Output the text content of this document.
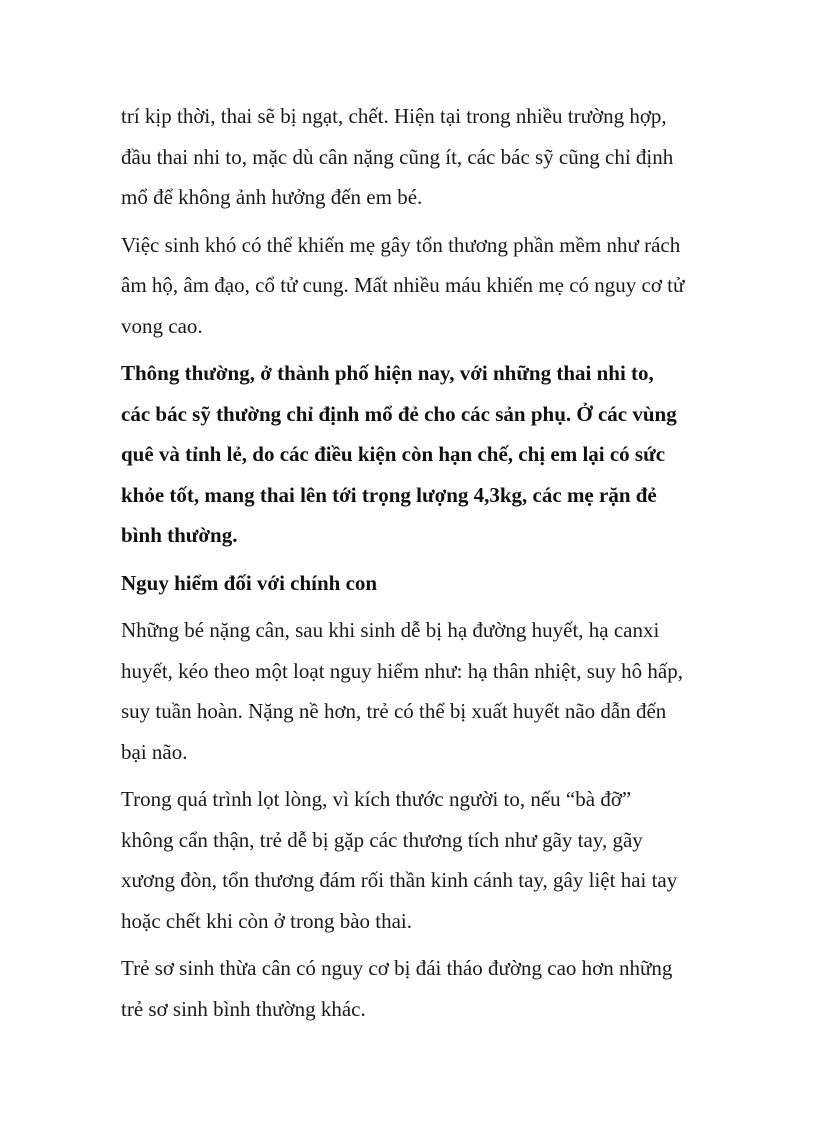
trí kịp thời, thai sẽ bị ngạt, chết. Hiện tại trong nhiều trường hợp,
đầu thai nhi to, mặc dù cân nặng cũng ít, các bác sỹ cũng chỉ định
mổ để không ảnh hưởng đến em bé.

Việc sinh khó có thể khiến mẹ gây tổn thương phần mềm như rách
âm hộ, âm đạo, cổ tử cung. Mất nhiều máu khiến mẹ có nguy cơ tử
vong cao.

Thông thường, ở thành phố hiện nay, với những thai nhi to,
các bác sỹ thường chỉ định mổ đẻ cho các sản phụ. Ở các vùng
quê và tỉnh lẻ, do các điều kiện còn hạn chế, chị em lại có sức
khỏe tốt, mang thai lên tới trọng lượng 4,3kg, các mẹ rặn đẻ
bình thường.

Nguy hiểm đối với chính con

Những bé nặng cân, sau khi sinh dễ bị hạ đường huyết, hạ canxi
huyết, kéo theo một loạt nguy hiểm như: hạ thân nhiệt, suy hô hấp,
suy tuần hoàn. Nặng nề hơn, trẻ có thể bị xuất huyết não dẫn đến
bại não.

Trong quá trình lọt lòng, vì kích thước người to, nếu “bà đỡ”
không cẩn thận, trẻ dễ bị gặp các thương tích như gãy tay, gãy
xương đòn, tổn thương đám rối thần kinh cánh tay, gây liệt hai tay
hoặc chết khi còn ở trong bào thai.

Trẻ sơ sinh thừa cân có nguy cơ bị đái tháo đường cao hơn những
trẻ sơ sinh bình thường khác.
